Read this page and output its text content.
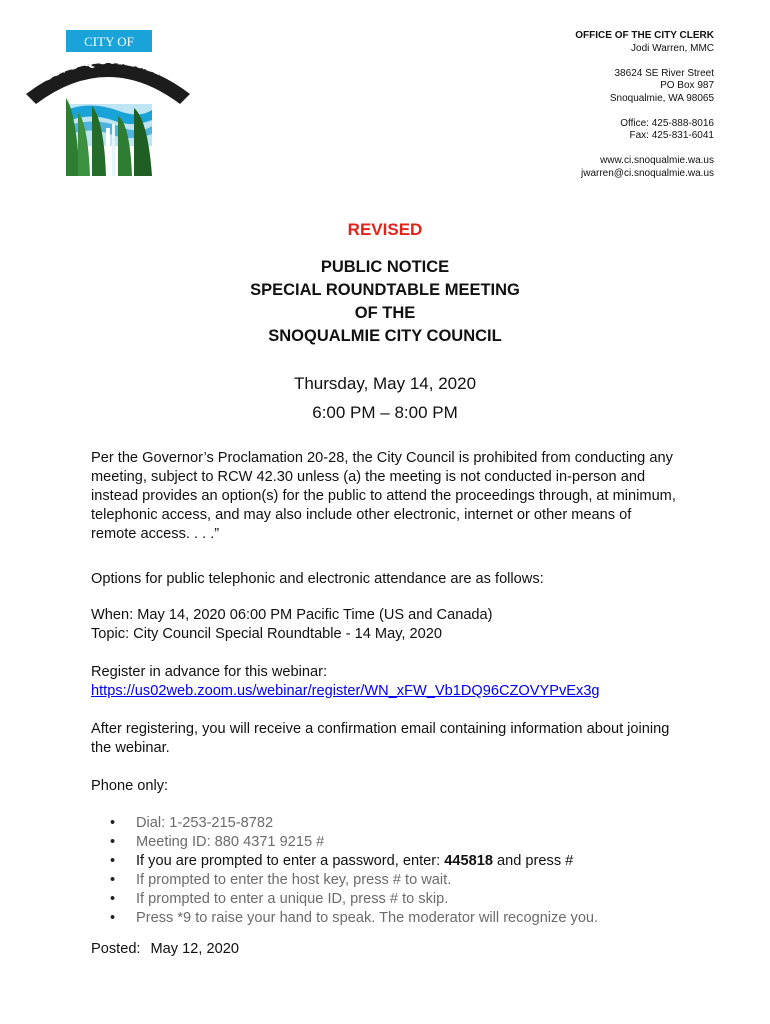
CITY OF
SNOQUALMIE
OFFICE OF THE CITY CLERK
Jodi Warren, MMC
38624 SE River Street
PO Box 987
Snoqualmie, WA 98065
Office: 425-888-8016
Fax: 425-831-6041
www.ci.snoqualmie.wa.us
jwarren@ci.snoqualmie.wa.us
REVISED
PUBLIC NOTICE
SPECIAL ROUNDTABLE MEETING
OF THE
SNOQUALMIE CITY COUNCIL
Thursday, May 14, 2020
6:00 PM – 8:00 PM

Per the Governor’s Proclamation 20-28, the City Council is prohibited from conducting any meeting, subject to RCW 42.30 unless (a) the meeting is not conducted in-person and instead provides an option(s) for the public to attend the proceedings through, at minimum, telephonic access, and may also include other electronic, internet or other means of remote access. . . .”

Options for public telephonic and electronic attendance are as follows:

When: May 14, 2020 06:00 PM Pacific Time (US and Canada)

Topic: City Council Special Roundtable - 14 May, 2020

Register in advance for this webinar:

https://us02web.zoom.us/webinar/register/WN_xFW_Vb1DQ96CZOVYPvEx3g

After registering, you will receive a confirmation email containing information about joining the webinar.

Phone only:

• Dial: 1-253-215-8782
• Meeting ID: 880 4371 9215 #
• If you are prompted to enter a password, enter: 445818 and press #
• If prompted to enter the host key, press # to wait.
• If prompted to enter a unique ID, press # to skip.
• Press *9 to raise your hand to speak. The moderator will recognize you.
Posted: May 12, 2020
